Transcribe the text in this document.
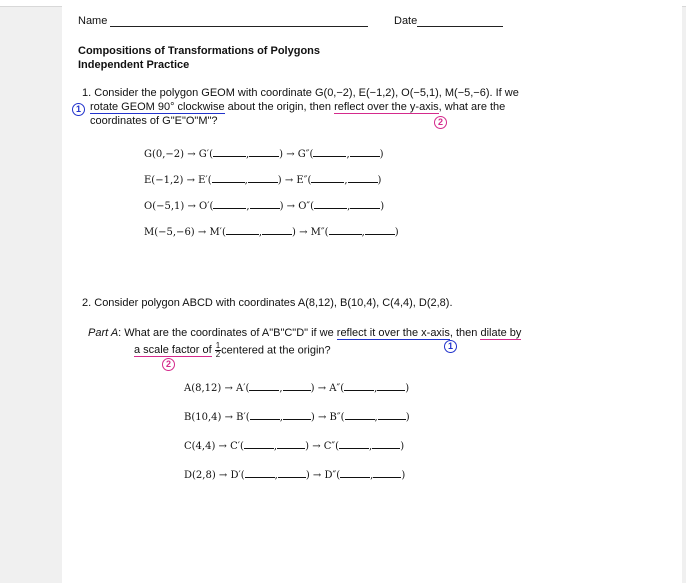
Name	Date
Compositions of Transformations of Polygons
Independent Practice
1. Consider the polygon GEOM with coordinate G(0,−2), E(−1,2), O(−5,1), M(−5,−6). If we
rotate GEOM 90° clockwise about the origin, then reflect over the y-axis, what are the
coordinates of G"E"O"M"?
1
2
G(0,−2) → G′(	,	) → G″(	,	)
E(−1,2) → E′(	,	) → E″(	,	)
O(−5,1) → O′(	,	) → O″(	,	)
M(−5,−6) → M′(	,	) → M″(	,	)
2. Consider polygon ABCD with coordinates A(8,12), B(10,4), C(4,4), D(2,8).
Part A: What are the coordinates of A"B"C"D" if we reflect it over the x-axis, then dilate by
a scale factor of $\frac{1}{2}$ centered at the origin?	1
2
A(8,12) → A′(	,	) → A″(	,	)
B(10,4) → B′(	,	) → B″(	,	)
C(4,4) → C′(	,	) → C″(	,	)
D(2,8) → D′(	,	) → D″(	,	)
